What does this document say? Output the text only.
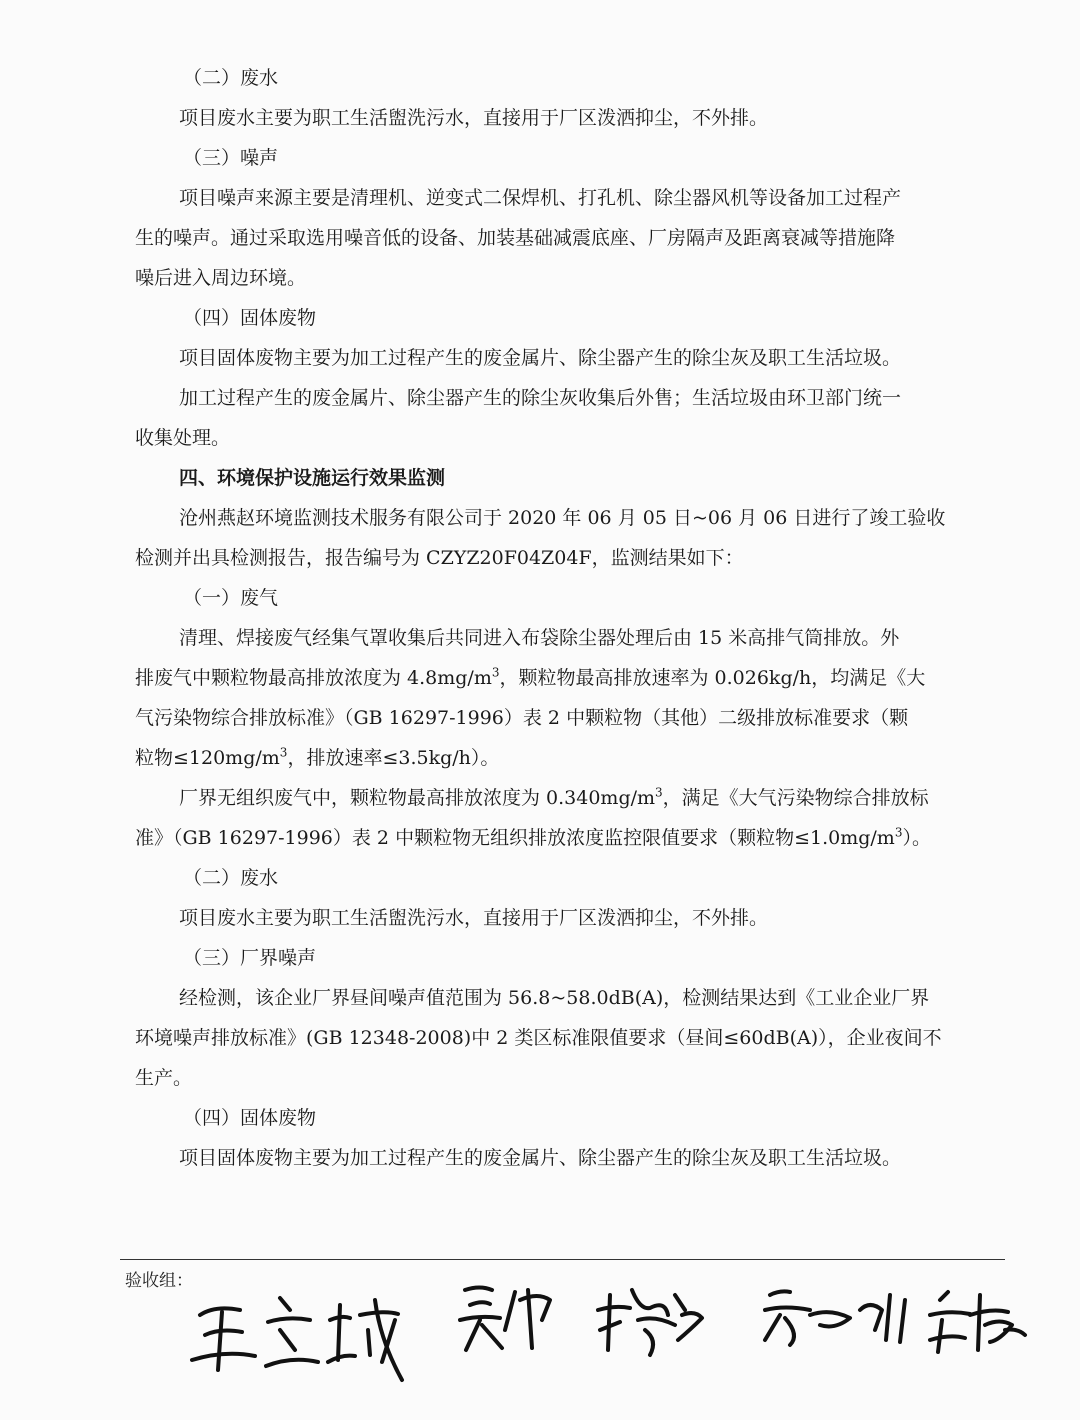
（二）废水
项目废水主要为职工生活盥洗污水，直接用于厂区泼洒抑尘，不外排。
（三）噪声
项目噪声来源主要是清理机、逆变式二保焊机、打孔机、除尘器风机等设备加工过程产
生的噪声。通过采取选用噪音低的设备、加装基础减震底座、厂房隔声及距离衰减等措施降
噪后进入周边环境。
（四）固体废物
项目固体废物主要为加工过程产生的废金属片、除尘器产生的除尘灰及职工生活垃圾。
加工过程产生的废金属片、除尘器产生的除尘灰收集后外售；生活垃圾由环卫部门统一
收集处理。
四、环境保护设施运行效果监测
沧州燕赵环境监测技术服务有限公司于 2020 年 06 月 05 日~06 月 06 日进行了竣工验收
检测并出具检测报告，报告编号为 CZYZ20F04Z04F，监测结果如下：
（一）废气
清理、焊接废气经集气罩收集后共同进入布袋除尘器处理后由 15 米高排气筒排放。外
排废气中颗粒物最高排放浓度为 $4.8mg/m^3$，颗粒物最高排放速率为 0.026kg/h，均满足《大
气污染物综合排放标准》（GB 16297-1996）表 2 中颗粒物（其他）二级排放标准要求（颗
粒物$\le 120mg/m^3$，排放速率≤3.5kg/h）。
厂界无组织废气中，颗粒物最高排放浓度为 $0.340mg/m^3$，满足《大气污染物综合排放标
准》（GB 16297-1996）表 2 中颗粒物无组织排放浓度监控限值要求（颗粒物$\le 1.0mg/m^3$）。
（二）废水
项目废水主要为职工生活盥洗污水，直接用于厂区泼洒抑尘，不外排。
（三）厂界噪声
经检测，该企业厂界昼间噪声值范围为 56.8~58.0dB(A)，检测结果达到《工业企业厂界
环境噪声排放标准》(GB 12348-2008)中 2 类区标准限值要求（昼间≤60dB(A)），企业夜间不
生产。
（四）固体废物
项目固体废物主要为加工过程产生的废金属片、除尘器产生的除尘灰及职工生活垃圾。
验收组：
